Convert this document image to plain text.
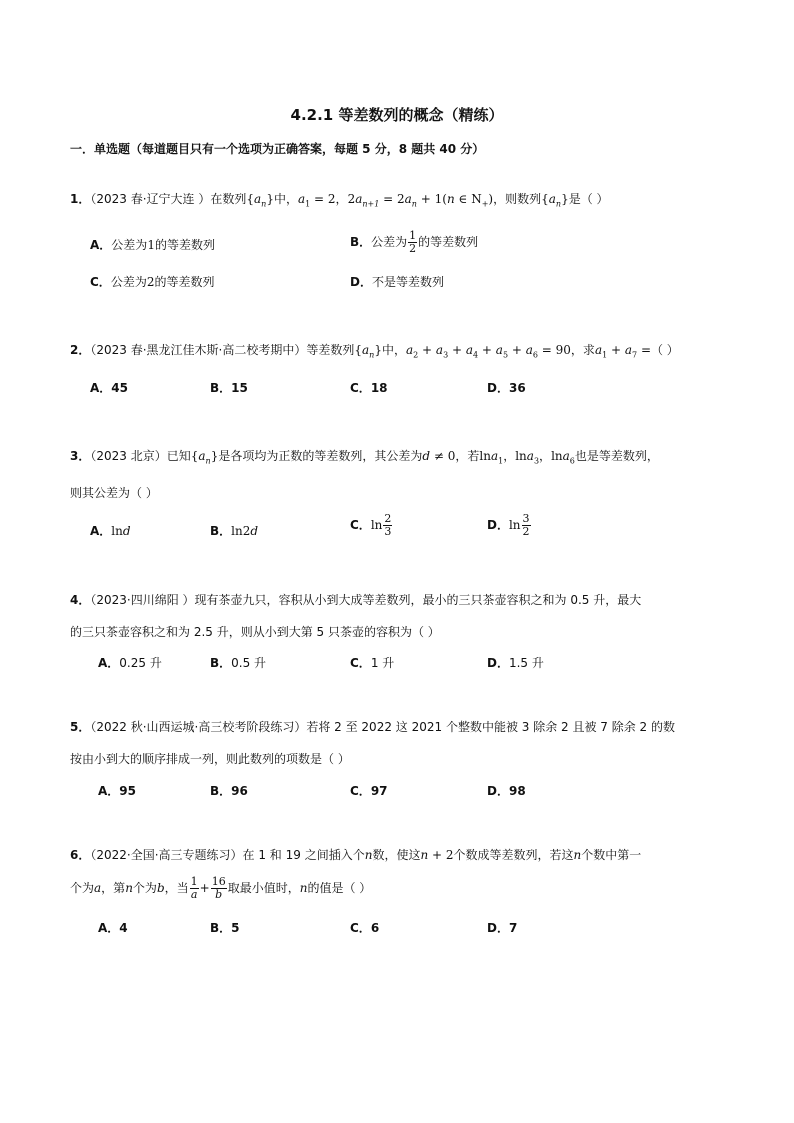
4.2.1 等差数列的概念（精练）
一．单选题（每道题目只有一个选项为正确答案，每题 5 分，8 题共 40 分）
1．（2023 春·辽宁大连 ）在数列$\{a_n\}$中，$a_1 = 2$，$2a_{n+1} = 2a_n + 1(n$ ∈ $N_+$)，则数列$\{a_n\}$是（ ）
A．公差为1的等差数列	B．公差为 $\frac{1}{2}$ 的等差数列
C．公差为2的等差数列	D．不是等差数列
2．（2023 春·黑龙江佳木斯·高二校考期中）等差数列$\{a_n\}$中，$a_2 + a_3 + a_4 + a_5 + a_6 = 90$，求$a_1 + a_7$ =（ ）
A．45	B．15	C．18	D．36
3．（2023 北京）已知$\{a_n\}$是各项均为正数的等差数列，其公差为d ≠ 0，若lna$_1$，lna$_3$，lna$_6$也是等差数列，
则其公差为（ ）
A．lnd	B．ln2d	C．$\ln \frac{2}{3}$	D．$\ln \frac{3}{2}$
4．（2023·四川绵阳 ）现有茶壶九只，容积从小到大成等差数列，最小的三只茶壶容积之和为 0.5 升，最大
的三只茶壶容积之和为 2.5 升，则从小到大第 5 只茶壶的容积为（ ）
A．0.25 升	B．0.5 升	C．1 升	D．1.5 升
5．（2022 秋·山西运城·高三校考阶段练习）若将 2 至 2022 这 2021 个整数中能被 3 除余 2 且被 7 除余 2 的数
按由小到大的顺序排成一列，则此数列的项数是（ ）
A．95	B．96	C．97	D．98
6．（2022·全国·高三专题练习）在 1 和 19 之间插入个n数，使这n + 2个数成等差数列，若这n个数中第一
个为a，第n个为b，当 $\frac{1}{a} + \frac{16}{b}$ 取最小值时，n的值是（ ）
A．4	B．5	C．6	D．7
